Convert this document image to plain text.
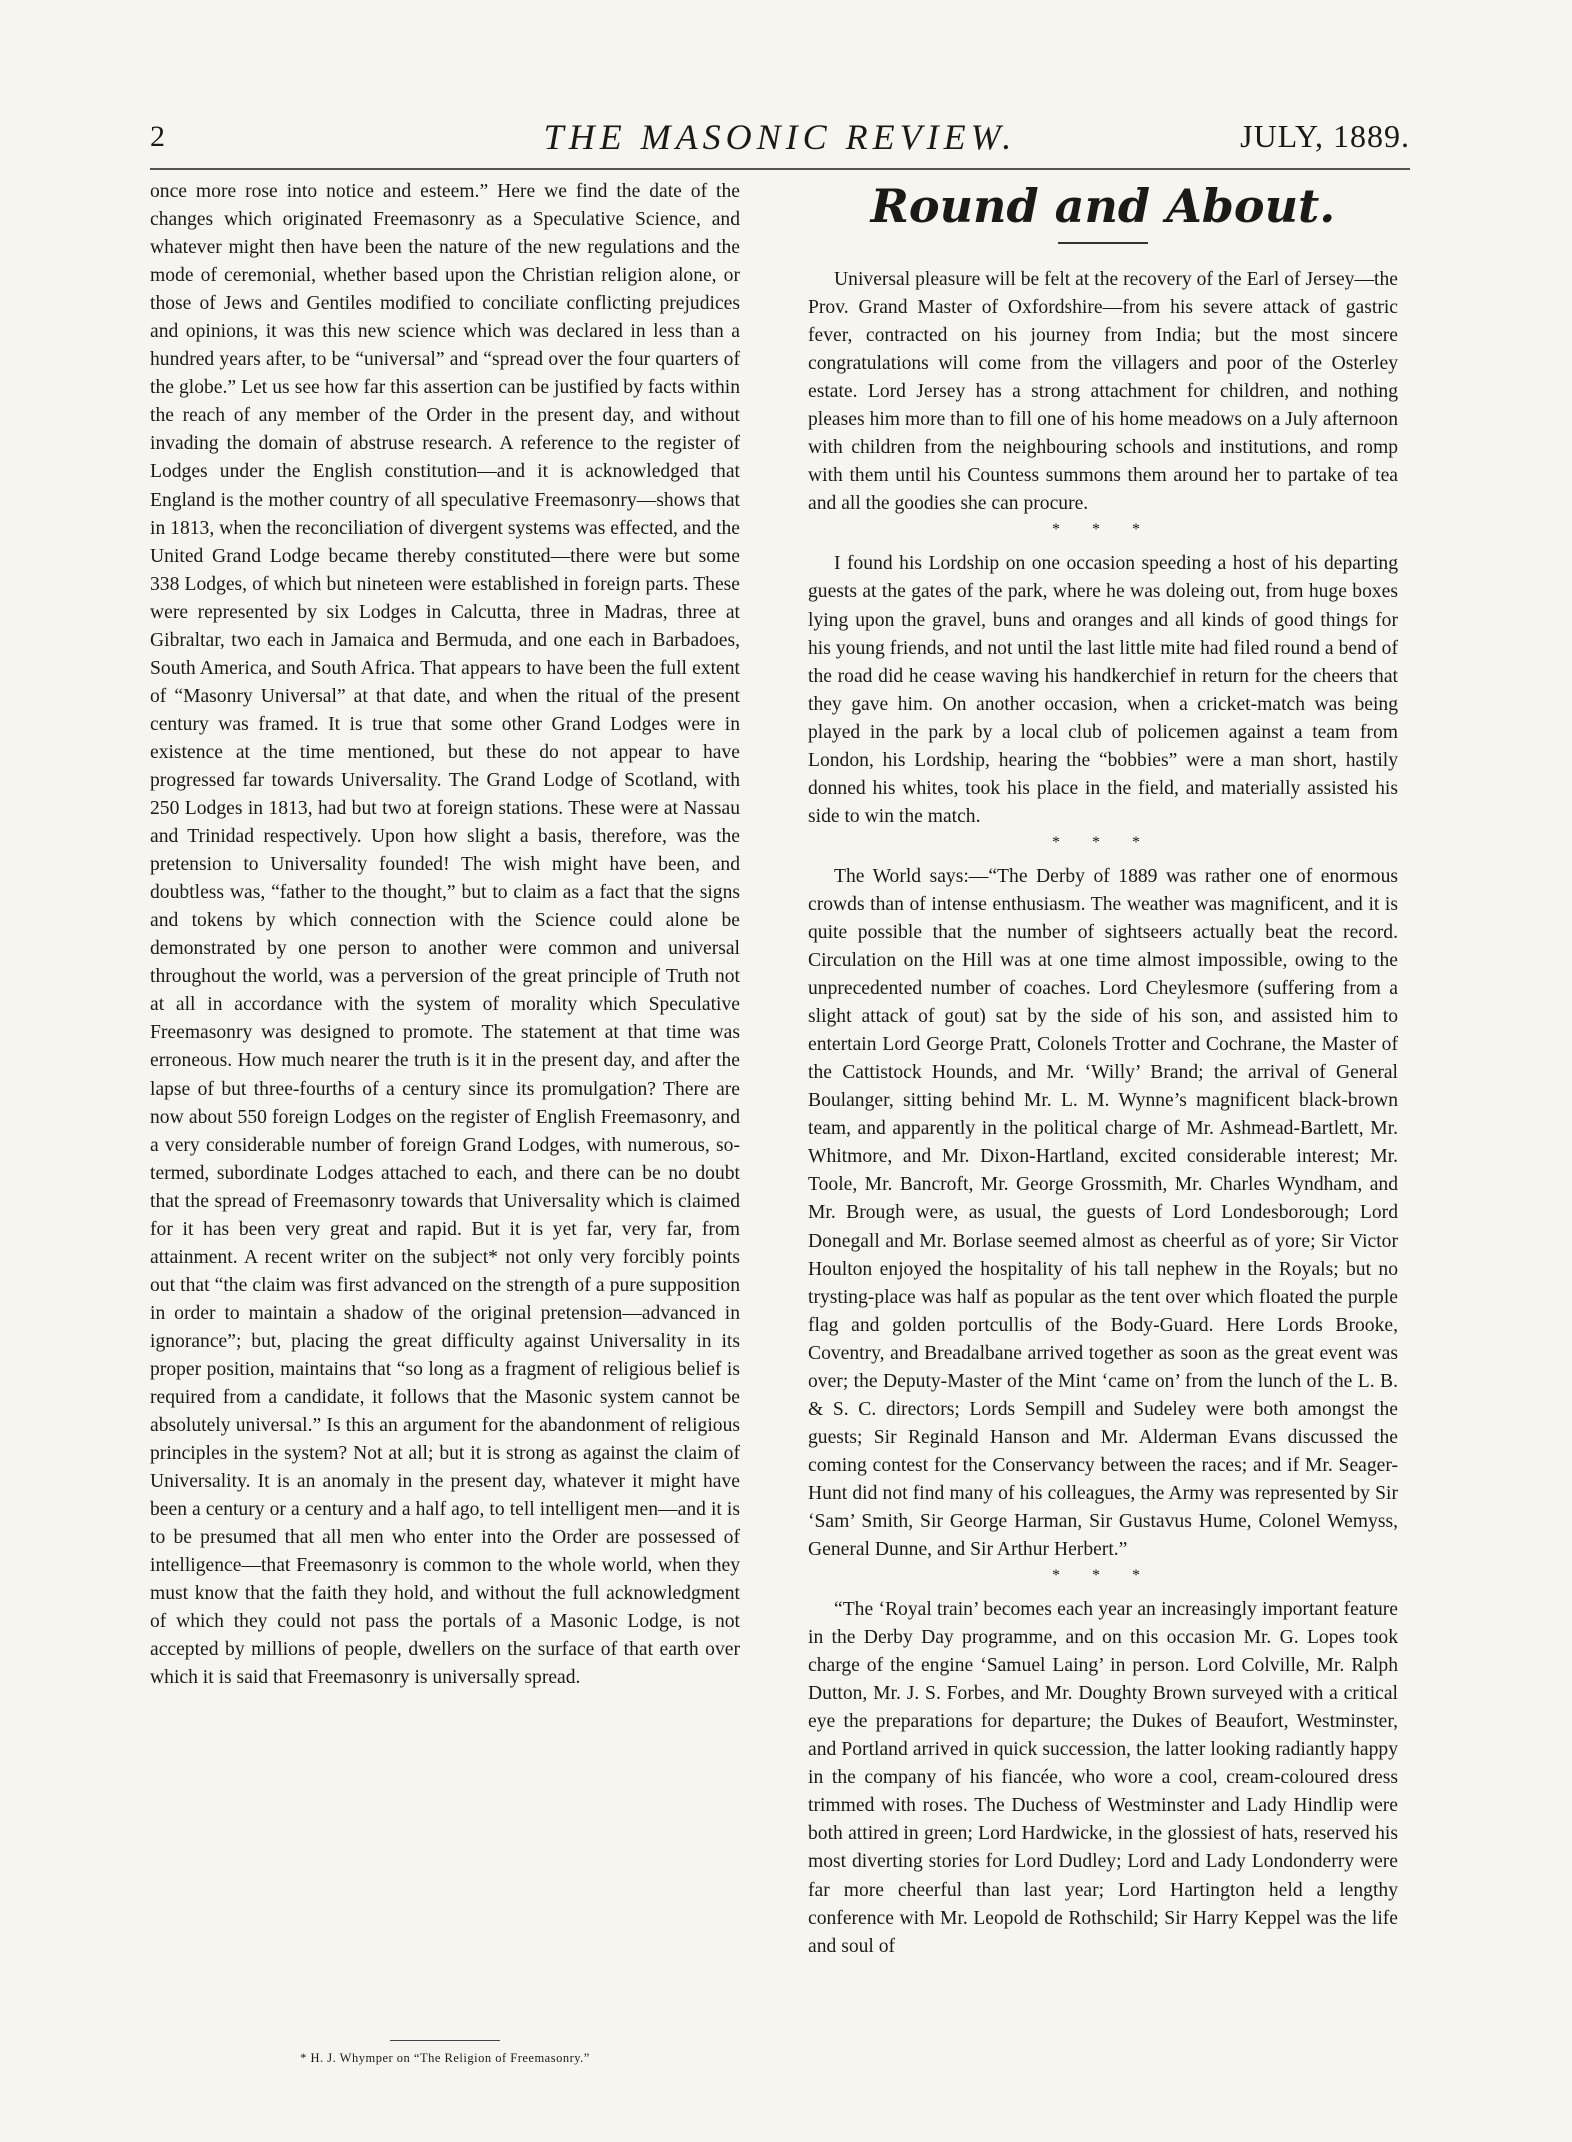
2	THE MASONIC REVIEW.	JULY, 1889.

once more rose into notice and esteem.” Here we find the date of the changes which originated Freemasonry as a Speculative Science, and whatever might then have been the nature of the new regulations and the mode of ceremonial, whether based upon the Christian religion alone, or those of Jews and Gentiles modified to conciliate conflicting prejudices and opinions, it was this new science which was declared in less than a hundred years after, to be “universal” and “spread over the four quarters of the globe.” Let us see how far this assertion can be justified by facts within the reach of any member of the Order in the present day, and without invading the domain of abstruse research. A reference to the register of Lodges under the English constitution—and it is acknowledged that England is the mother country of all speculative Freemasonry—shows that in 1813, when the reconciliation of divergent systems was effected, and the United Grand Lodge became thereby constituted—there were but some 338 Lodges, of which but nineteen were established in foreign parts. These were represented by six Lodges in Calcutta, three in Madras, three at Gibraltar, two each in Jamaica and Bermuda, and one each in Barbadoes, South America, and South Africa. That appears to have been the full extent of “Masonry Universal” at that date, and when the ritual of the present century was framed. It is true that some other Grand Lodges were in existence at the time mentioned, but these do not appear to have progressed far towards Universality. The Grand Lodge of Scotland, with 250 Lodges in 1813, had but two at foreign stations. These were at Nassau and Trinidad respectively. Upon how slight a basis, therefore, was the pretension to Universality founded! The wish might have been, and doubtless was, “father to the thought,” but to claim as a fact that the signs and tokens by which connection with the Science could alone be demonstrated by one person to another were common and universal throughout the world, was a perversion of the great principle of Truth not at all in accordance with the system of morality which Speculative Freemasonry was designed to promote. The statement at that time was erroneous. How much nearer the truth is it in the present day, and after the lapse of but three-fourths of a century since its promulgation? There are now about 550 foreign Lodges on the register of English Freemasonry, and a very considerable number of foreign Grand Lodges, with numerous, so-termed, subordinate Lodges attached to each, and there can be no doubt that the spread of Freemasonry towards that Universality which is claimed for it has been very great and rapid. But it is yet far, very far, from attainment. A recent writer on the subject* not only very forcibly points out that “the claim was first advanced on the strength of a pure supposition in order to maintain a shadow of the original pretension—advanced in ignorance”; but, placing the great difficulty against Universality in its proper position, maintains that “so long as a fragment of religious belief is required from a candidate, it follows that the Masonic system cannot be absolutely universal.” Is this an argument for the abandonment of religious principles in the system? Not at all; but it is strong as against the claim of Universality. It is an anomaly in the present day, whatever it might have been a century or a century and a half ago, to tell intelligent men—and it is to be presumed that all men who enter into the Order are possessed of intelligence—that Freemasonry is common to the whole world, when they must know that the faith they hold, and without the full acknowledgment of which they could not pass the portals of a Masonic Lodge, is not accepted by millions of people, dwellers on the surface of that earth over which it is said that Freemasonry is universally spread.

* H. J. Whymper on “The Religion of Freemasonry.”
Round and About.

Universal pleasure will be felt at the recovery of the Earl of Jersey—the Prov. Grand Master of Oxfordshire—from his severe attack of gastric fever, contracted on his journey from India; but the most sincere congratulations will come from the villagers and poor of the Osterley estate. Lord Jersey has a strong attachment for children, and nothing pleases him more than to fill one of his home meadows on a July afternoon with children from the neighbouring schools and institutions, and romp with them until his Countess summons them around her to partake of tea and all the goodies she can procure.

* * *

I found his Lordship on one occasion speeding a host of his departing guests at the gates of the park, where he was doleing out, from huge boxes lying upon the gravel, buns and oranges and all kinds of good things for his young friends, and not until the last little mite had filed round a bend of the road did he cease waving his handkerchief in return for the cheers that they gave him. On another occasion, when a cricket-match was being played in the park by a local club of policemen against a team from London, his Lordship, hearing the “bobbies” were a man short, hastily donned his whites, took his place in the field, and materially assisted his side to win the match.

* * *

The World says:—“The Derby of 1889 was rather one of enormous crowds than of intense enthusiasm. The weather was magnificent, and it is quite possible that the number of sightseers actually beat the record. Circulation on the Hill was at one time almost impossible, owing to the unprecedented number of coaches. Lord Cheylesmore (suffering from a slight attack of gout) sat by the side of his son, and assisted him to entertain Lord George Pratt, Colonels Trotter and Cochrane, the Master of the Cattistock Hounds, and Mr. ‘Willy’ Brand; the arrival of General Boulanger, sitting behind Mr. L. M. Wynne’s magnificent black-brown team, and apparently in the political charge of Mr. Ashmead-Bartlett, Mr. Whitmore, and Mr. Dixon-Hartland, excited considerable interest; Mr. Toole, Mr. Bancroft, Mr. George Grossmith, Mr. Charles Wyndham, and Mr. Brough were, as usual, the guests of Lord Londesborough; Lord Donegall and Mr. Borlase seemed almost as cheerful as of yore; Sir Victor Houlton enjoyed the hospitality of his tall nephew in the Royals; but no trysting-place was half as popular as the tent over which floated the purple flag and golden portcullis of the Body-Guard. Here Lords Brooke, Coventry, and Breadalbane arrived together as soon as the great event was over; the Deputy-Master of the Mint ‘came on’ from the lunch of the L. B. & S. C. directors; Lords Sempill and Sudeley were both amongst the guests; Sir Reginald Hanson and Mr. Alderman Evans discussed the coming contest for the Conservancy between the races; and if Mr. Seager-Hunt did not find many of his colleagues, the Army was represented by Sir ‘Sam’ Smith, Sir George Harman, Sir Gustavus Hume, Colonel Wemyss, General Dunne, and Sir Arthur Herbert.”

* * *

“The ‘Royal train’ becomes each year an increasingly important feature in the Derby Day programme, and on this occasion Mr. G. Lopes took charge of the engine ‘Samuel Laing’ in person. Lord Colville, Mr. Ralph Dutton, Mr. J. S. Forbes, and Mr. Doughty Brown surveyed with a critical eye the preparations for departure; the Dukes of Beaufort, Westminster, and Portland arrived in quick succession, the latter looking radiantly happy in the company of his fiancée, who wore a cool, cream-coloured dress trimmed with roses. The Duchess of Westminster and Lady Hindlip were both attired in green; Lord Hardwicke, in the glossiest of hats, reserved his most diverting stories for Lord Dudley; Lord and Lady Londonderry were far more cheerful than last year; Lord Hartington held a lengthy conference with Mr. Leopold de Rothschild; Sir Harry Keppel was the life and soul of
